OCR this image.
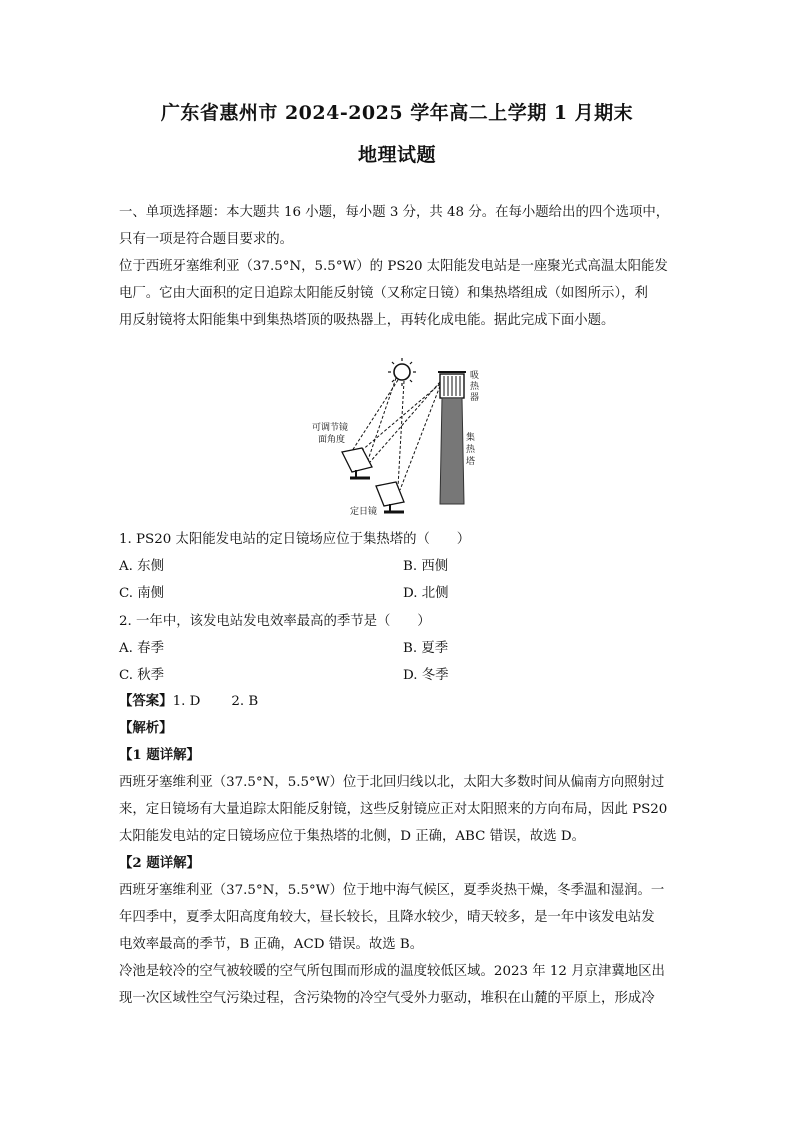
广东省惠州市 2024-2025 学年高二上学期 1 月期末
地理试题
一、单项选择题：本大题共 16 小题，每小题 3 分，共 48 分。在每小题给出的四个选项中，
只有一项是符合题目要求的。
位于西班牙塞维利亚（37.5°N，5.5°W）的 PS20 太阳能发电站是一座聚光式高温太阳能发
电厂。它由大面积的定日追踪太阳能反射镜（又称定日镜）和集热塔组成（如图所示），利
用反射镜将太阳能集中到集热塔顶的吸热器上，再转化成电能。据此完成下面小题。
吸
热
器
集
热
塔
可调节镜
面角度
定日镜
1. PS20 太阳能发电站的定日镜场应位于集热塔的（　　）
A. 东侧	B. 西侧
C. 南侧	D. 北侧
2. 一年中，该发电站发电效率最高的季节是（　　）
A. 春季	B. 夏季
C. 秋季	D. 冬季
【答案】1. D　　 2. B
【解析】
【1 题详解】
西班牙塞维利亚（37.5°N，5.5°W）位于北回归线以北，太阳大多数时间从偏南方向照射过
来，定日镜场有大量追踪太阳能反射镜，这些反射镜应正对太阳照来的方向布局，因此 PS20
太阳能发电站的定日镜场应位于集热塔的北侧，D 正确，ABC 错误，故选 D。
【2 题详解】
西班牙塞维利亚（37.5°N，5.5°W）位于地中海气候区，夏季炎热干燥，冬季温和湿润。一
年四季中，夏季太阳高度角较大，昼长较长，且降水较少，晴天较多，是一年中该发电站发
电效率最高的季节，B 正确，ACD 错误。故选 B。
冷池是较冷的空气被较暖的空气所包围而形成的温度较低区域。2023 年 12 月京津冀地区出
现一次区域性空气污染过程，含污染物的冷空气受外力驱动，堆积在山麓的平原上，形成冷
